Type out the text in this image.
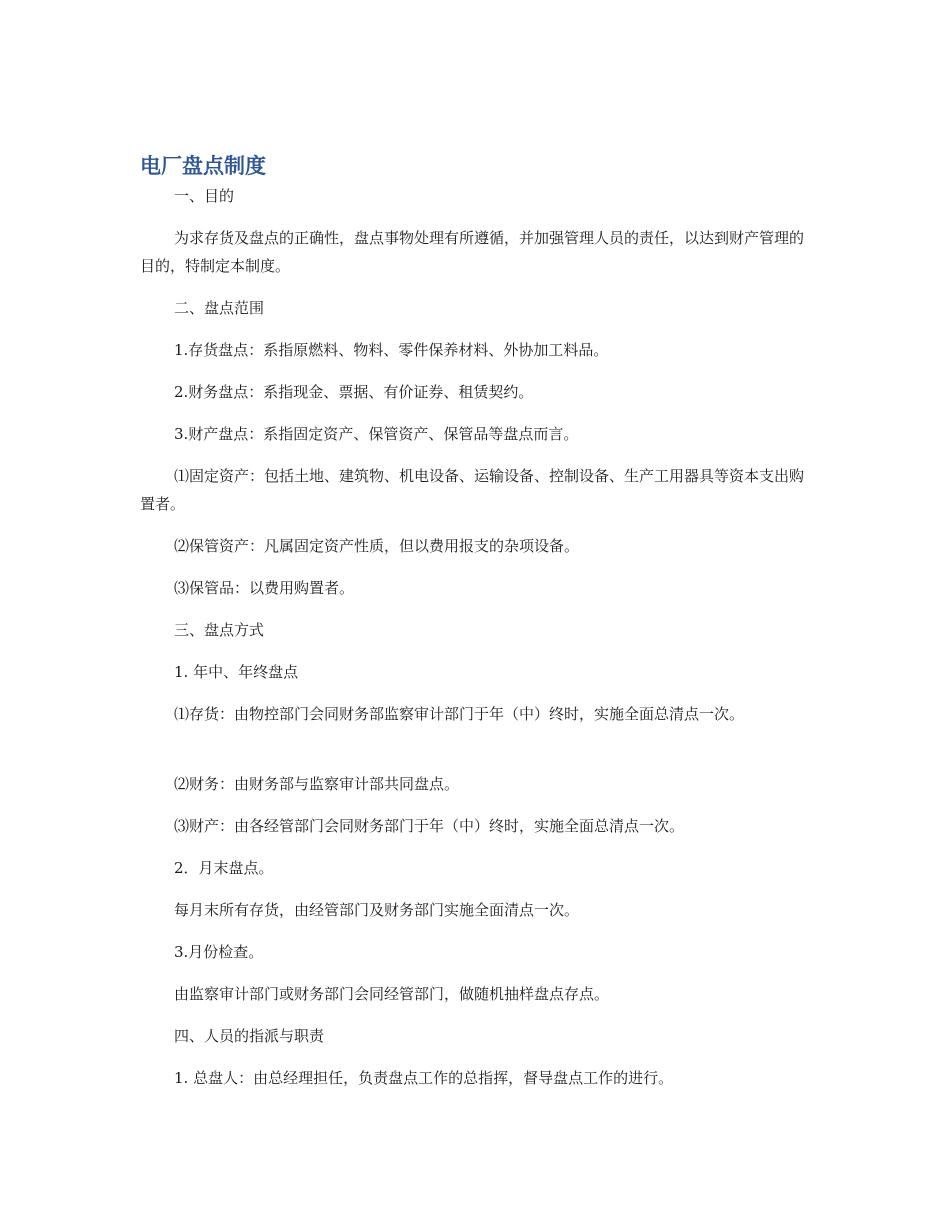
电厂盘点制度

一、目的

为求存货及盘点的正确性，盘点事物处理有所遵循，并加强管理人员的责任，以达到财产管理的目的，特制定本制度。

二、盘点范围

1.存货盘点：系指原燃料、物料、零件保养材料、外协加工料品。

2.财务盘点：系指现金、票据、有价证券、租赁契约。

3.财产盘点：系指固定资产、保管资产、保管品等盘点而言。

⑴固定资产：包括土地、建筑物、机电设备、运输设备、控制设备、生产工用器具等资本支出购置者。

⑵保管资产：凡属固定资产性质，但以费用报支的杂项设备。

⑶保管品：以费用购置者。

三、盘点方式

1. 年中、年终盘点

⑴存货：由物控部门会同财务部监察审计部门于年（中）终时，实施全面总清点一次。

⑵财务：由财务部与监察审计部共同盘点。

⑶财产：由各经管部门会同财务部门于年（中）终时，实施全面总清点一次。

2．月末盘点。

每月末所有存货，由经管部门及财务部门实施全面清点一次。

3.月份检查。

由监察审计部门或财务部门会同经管部门，做随机抽样盘点存点。

四、人员的指派与职责

1. 总盘人：由总经理担任，负责盘点工作的总指挥，督导盘点工作的进行。
